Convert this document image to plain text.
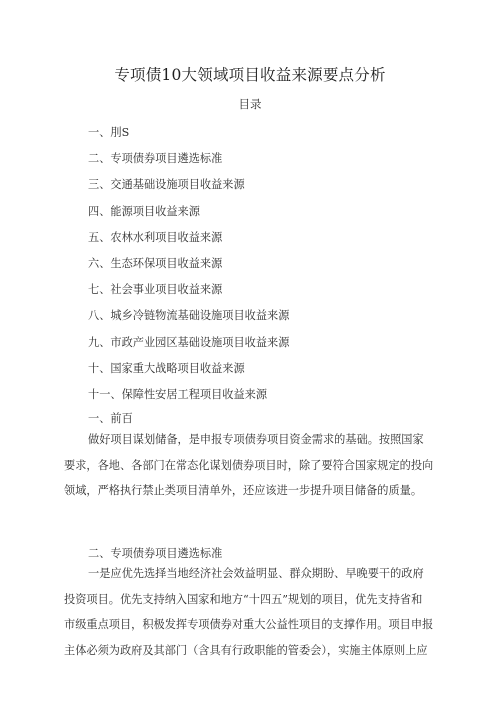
专项债10大领域项目收益来源要点分析
目录
一、刖S
二、专项债券项目遴选标准
三、交通基础设施项目收益来源
四、能源项目收益来源
五、农林水利项目收益来源
六、生态环保项目收益来源
七、社会事业项目收益来源
八、城乡冷链物流基础设施项目收益来源
九、市政产业园区基础设施项目收益来源
十、国家重大战略项目收益来源
十一、保障性安居工程项目收益来源
一、前百
做好项目谋划储备，是申报专项债券项目资金需求的基础。按照国家
要求，各地、各部门在常态化谋划债券项目时，除了要符合国家规定的投向
领域，严格执行禁止类项目清单外，还应该进一步提升项目储备的质量。
二、专项债券项目遴选标准
一是应优先选择当地经济社会效益明显、群众期盼、早晚要干的政府
投资项目。优先支持纳入国家和地方“十四五”规划的项目，优先支持省和
市级重点项目，积极发挥专项债券对重大公益性项目的支撑作用。项目申报
主体必须为政府及其部门（含具有行政职能的管委会），实施主体原则上应
